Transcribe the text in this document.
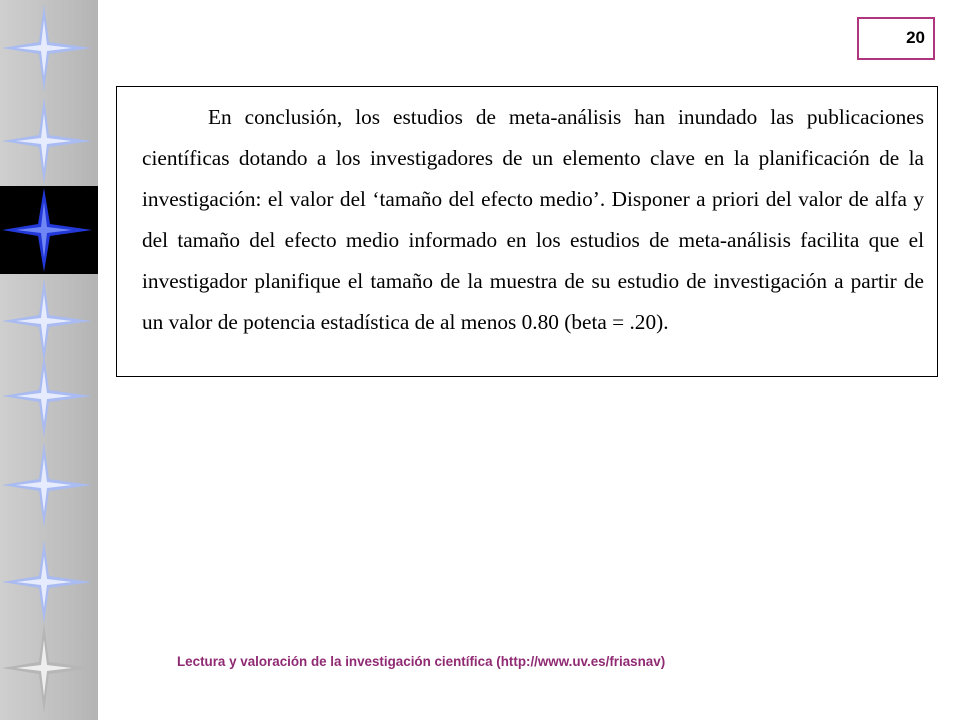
20

En conclusión, los estudios de meta-análisis han inundado las publicaciones científicas dotando a los investigadores de un elemento clave en la planificación de la investigación: el valor del ‘tamaño del efecto medio’. Disponer a priori del valor de alfa y del tamaño del efecto medio informado en los estudios de meta-análisis facilita que el investigador planifique el tamaño de la muestra de su estudio de investigación a partir de un valor de potencia estadística de al menos 0.80 (beta = .20).

Lectura y valoración de la investigación científica (http://www.uv.es/friasnav)
